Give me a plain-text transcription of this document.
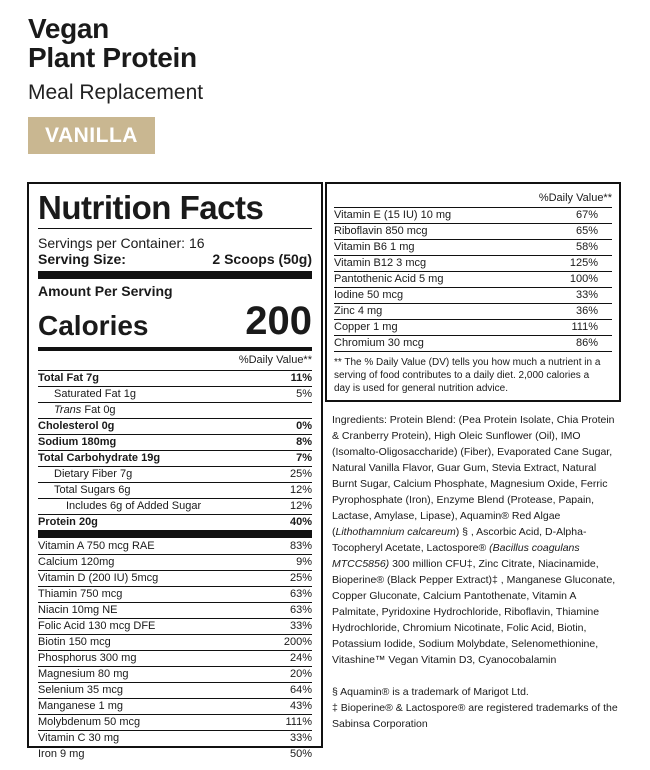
Vegan
Plant Protein
Meal Replacement
VANILLA
Nutrition Facts
Servings per Container: 16
Serving Size:	2 Scoops (50g)
Amount Per Serving
Calories 200
%Daily Value**
Total Fat 7g	11%
Saturated Fat 1g	5%
Trans Fat 0g
Cholesterol 0g	0%
Sodium 180mg	8%
Total Carbohydrate 19g	7%
Dietary Fiber 7g	25%
Total Sugars 6g	12%
Includes 6g of Added Sugar	12%
Protein 20g	40%
Vitamin A 750 mcg RAE	83%
Calcium 120mg	9%
Vitamin D (200 IU) 5mcg	25%
Thiamin 750 mcg	63%
Niacin 10mg NE	63%
Folic Acid 130 mcg DFE	33%
Biotin 150 mcg	200%
Phosphorus 300 mg	24%
Magnesium 80 mg	20%
Selenium 35 mcg	64%
Manganese 1 mg	43%
Molybdenum 50 mcg	111%
Vitamin C 30 mg	33%
Iron 9 mg	50%
%Daily Value**
Vitamin E (15 IU) 10 mg	67%
Riboflavin 850 mcg	65%
Vitamin B6 1 mg	58%
Vitamin B12 3 mcg	125%
Pantothenic Acid 5 mg	100%
Iodine 50 mcg	33%
Zinc 4 mg	36%
Copper 1 mg	111%
Chromium 30 mcg	86%
** The % Daily Value (DV) tells you how much a nutrient in a serving of food contributes to a daily diet. 2,000 calories a day is used for general nutrition advice.
Ingredients: Protein Blend: (Pea Protein Isolate, Chia Protein & Cranberry Protein), High Oleic Sunflower (Oil), IMO (Isomalto-Oligosaccharide) (Fiber), Evaporated Cane Sugar, Natural Vanilla Flavor, Guar Gum, Stevia Extract, Natural Burnt Sugar, Calcium Phosphate, Magnesium Oxide, Ferric Pyrophosphate (Iron), Enzyme Blend (Protease, Papain, Lactase, Amylase, Lipase), Aquamin® Red Algae (Lithothamnium calcareum) § , Ascorbic Acid, D-Alpha-Tocopheryl Acetate, Lactospore® (Bacillus coagulans MTCC5856) 300 million CFU‡, Zinc Citrate, Niacinamide, Bioperine® (Black Pepper Extract)‡ , Manganese Gluconate, Copper Gluconate, Calcium Pantothenate, Vitamin A Palmitate, Pyridoxine Hydrochloride, Riboflavin, Thiamine Hydrochloride, Chromium Nicotinate, Folic Acid, Biotin, Potassium Iodide, Sodium Molybdate, Selenomethionine, Vitashine™ Vegan Vitamin D3, Cyanocobalamin
§ Aquamin® is a trademark of Marigot Ltd.
‡ Bioperine® & Lactospore® are registered trademarks of the Sabinsa Corporation
